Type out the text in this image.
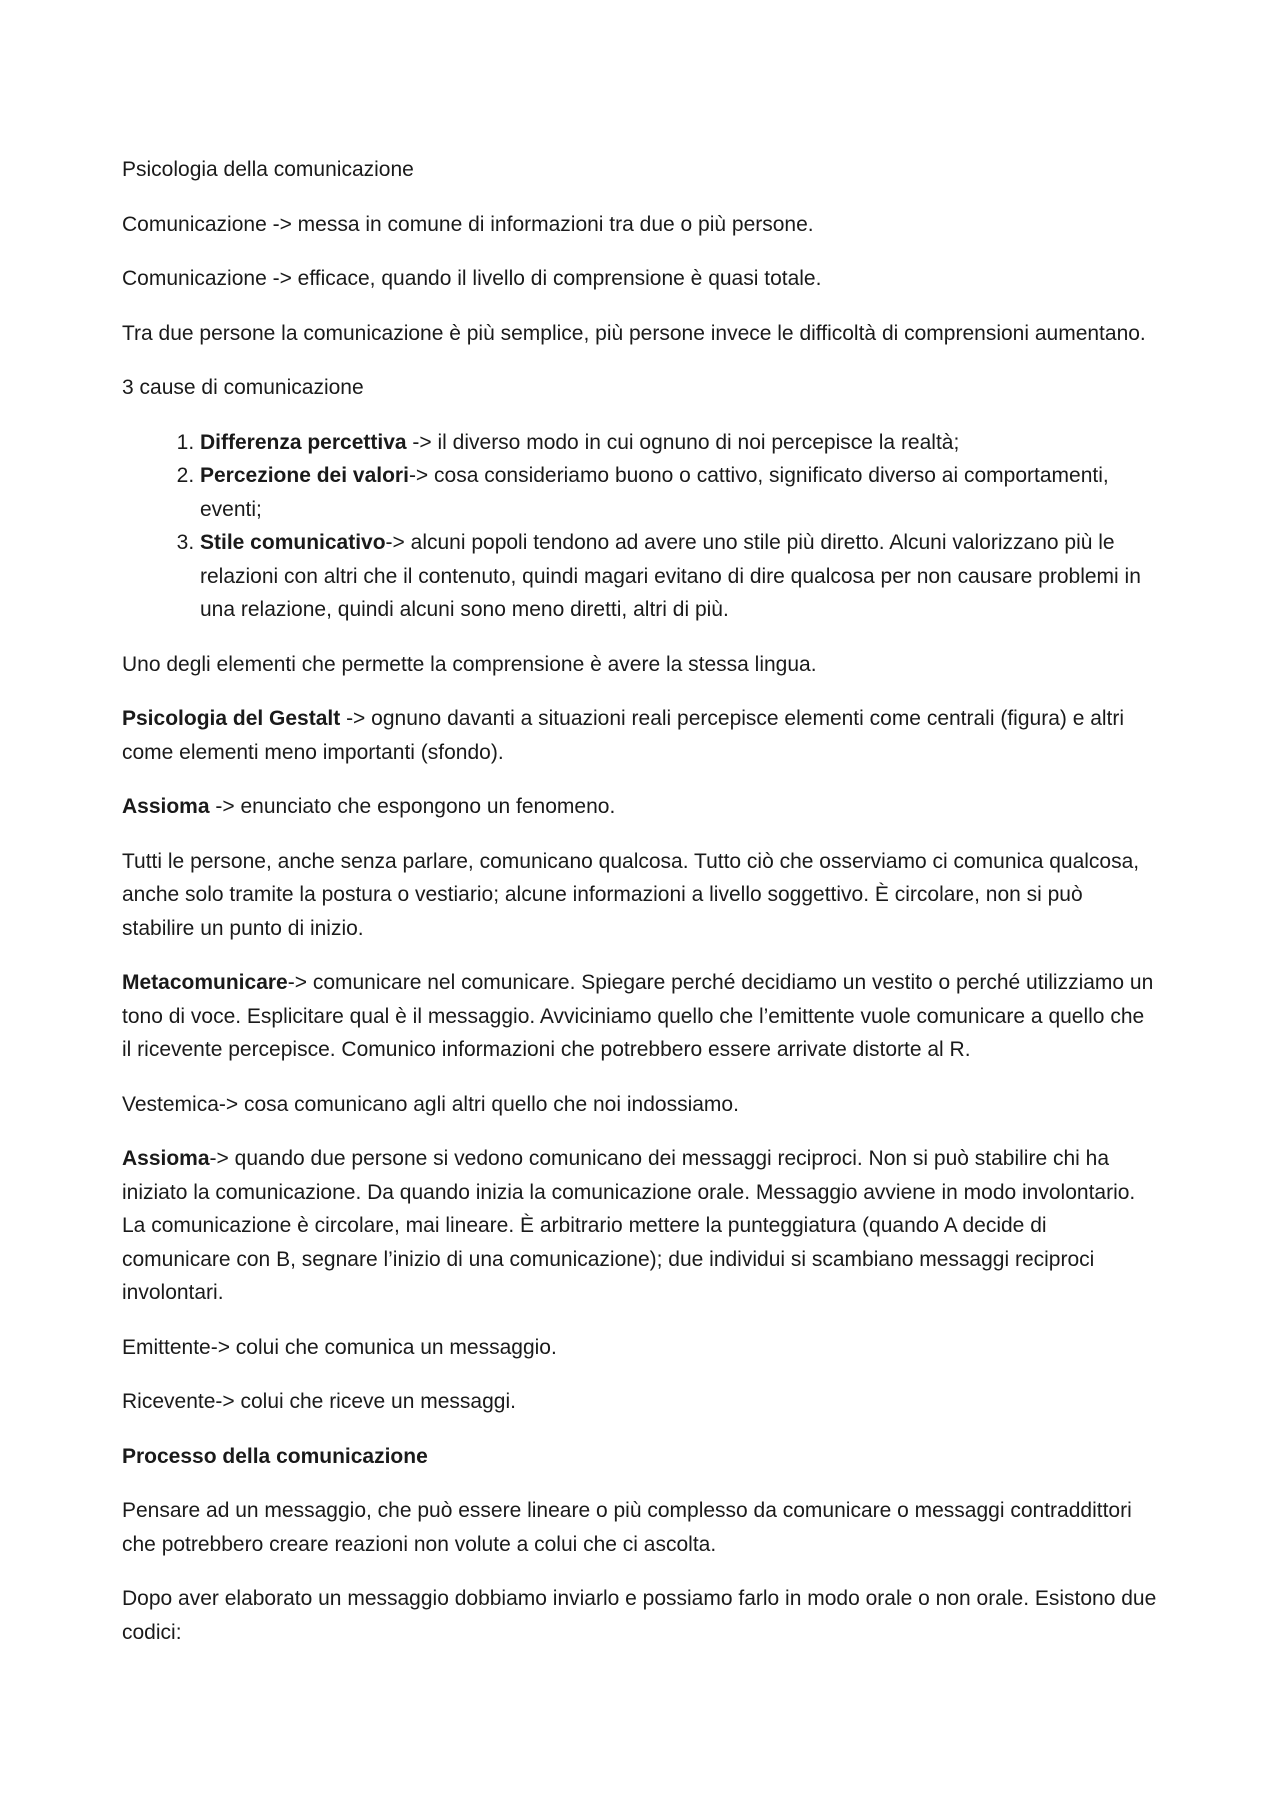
Psicologia della comunicazione

Comunicazione -> messa in comune di informazioni tra due o più persone.

Comunicazione -> efficace, quando il livello di comprensione è quasi totale.

Tra due persone la comunicazione è più semplice, più persone invece le difficoltà di comprensioni aumentano.

3 cause di comunicazione

1. Differenza percettiva -> il diverso modo in cui ognuno di noi percepisce la realtà;
2. Percezione dei valori-> cosa consideriamo buono o cattivo, significato diverso ai comportamenti, eventi;
3. Stile comunicativo-> alcuni popoli tendono ad avere uno stile più diretto. Alcuni valorizzano più le relazioni con altri che il contenuto, quindi magari evitano di dire qualcosa per non causare problemi in una relazione, quindi alcuni sono meno diretti, altri di più.

Uno degli elementi che permette la comprensione è avere la stessa lingua.

Psicologia del Gestalt -> ognuno davanti a situazioni reali percepisce elementi come centrali (figura) e altri come elementi meno importanti (sfondo).

Assioma -> enunciato che espongono un fenomeno.

Tutti le persone, anche senza parlare, comunicano qualcosa. Tutto ciò che osserviamo ci comunica qualcosa, anche solo tramite la postura o vestiario; alcune informazioni a livello soggettivo. È circolare, non si può stabilire un punto di inizio.

Metacomunicare-> comunicare nel comunicare. Spiegare perché decidiamo un vestito o perché utilizziamo un tono di voce. Esplicitare qual è il messaggio. Avviciniamo quello che l’emittente vuole comunicare a quello che il ricevente percepisce. Comunico informazioni che potrebbero essere arrivate distorte al R.

Vestemica-> cosa comunicano agli altri quello che noi indossiamo.

Assioma-> quando due persone si vedono comunicano dei messaggi reciproci. Non si può stabilire chi ha iniziato la comunicazione. Da quando inizia la comunicazione orale. Messaggio avviene in modo involontario. La comunicazione è circolare, mai lineare. È arbitrario mettere la punteggiatura (quando A decide di comunicare con B, segnare l’inizio di una comunicazione); due individui si scambiano messaggi reciproci involontari.

Emittente-> colui che comunica un messaggio.

Ricevente-> colui che riceve un messaggi.

Processo della comunicazione

Pensare ad un messaggio, che può essere lineare o più complesso da comunicare o messaggi contraddittori che potrebbero creare reazioni non volute a colui che ci ascolta.

Dopo aver elaborato un messaggio dobbiamo inviarlo e possiamo farlo in modo orale o non orale. Esistono due codici:
